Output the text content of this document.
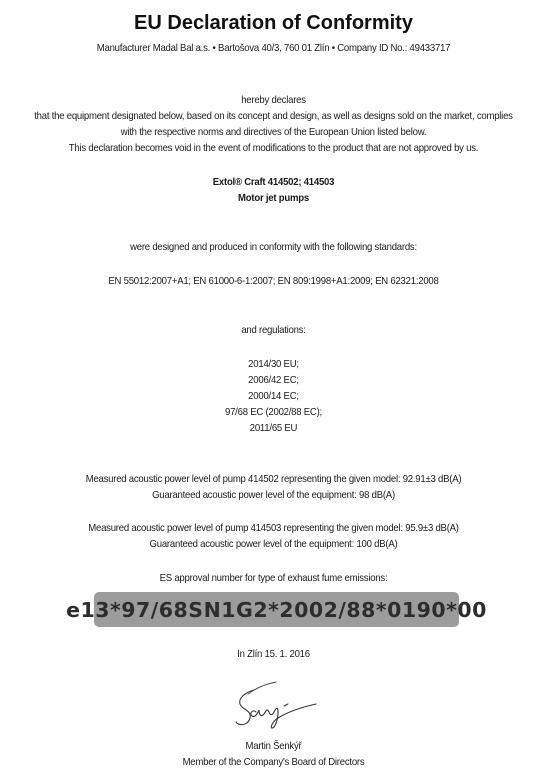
EU Declaration of Conformity
Manufacturer Madal Bal a.s. • Bartošova 40/3, 760 01 Zlín • Company ID No.: 49433717
hereby declares
that the equipment designated below, based on its concept and design, as well as designs sold on the market, complies
with the respective norms and directives of the European Union listed below.
This declaration becomes void in the event of modifications to the product that are not approved by us.
Extol® Craft 414502; 414503
Motor jet pumps
were designed and produced in conformity with the following standards:
EN 55012:2007+A1; EN 61000-6-1:2007; EN 809:1998+A1:2009; EN 62321:2008
and regulations:
2014/30 EU;
2006/42 EC;
2000/14 EC;
97/68 EC (2002/88 EC);
2011/65 EU
Measured acoustic power level of pump 414502 representing the given model: 92.91±3 dB(A)
Guaranteed acoustic power level of the equipment: 98 dB(A)
Measured acoustic power level of pump 414503 representing the given model: 95.9±3 dB(A)
Guaranteed acoustic power level of the equipment: 100 dB(A)
ES approval number for type of exhaust fume emissions:
e13*97/68SN1G2*2002/88*0190*00
In Zlín 15. 1. 2016
Martin Šenkýř
Member of the Company's Board of Directors
